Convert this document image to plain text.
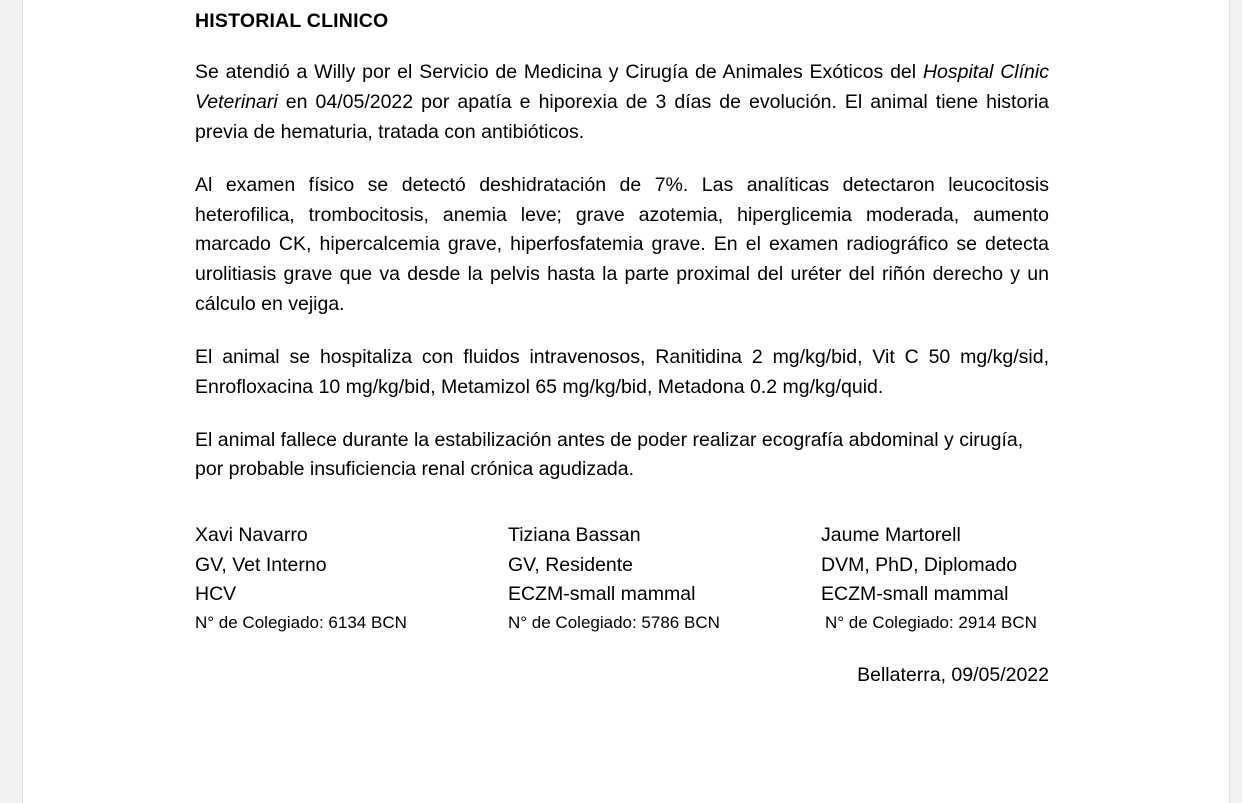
HISTORIAL CLINICO

Se atendió a Willy por el Servicio de Medicina y Cirugía de Animales Exóticos del Hospital Clínic Veterinari en 04/05/2022 por apatía e hiporexia de 3 días de evolución. El animal tiene historia previa de hematuria, tratada con antibióticos.

Al examen físico se detectó deshidratación de 7%. Las analíticas detectaron leucocitosis heterofilica, trombocitosis, anemia leve; grave azotemia, hiperglicemia moderada, aumento marcado CK, hipercalcemia grave, hiperfosfatemia grave. En el examen radiográfico se detecta urolitiasis grave que va desde la pelvis hasta la parte proximal del uréter del riñón derecho y un cálculo en vejiga.

El animal se hospitaliza con fluidos intravenosos, Ranitidina 2 mg/kg/bid, Vit C 50 mg/kg/sid, Enrofloxacina 10 mg/kg/bid, Metamizol 65 mg/kg/bid, Metadona 0.2 mg/kg/quid.

El animal fallece durante la estabilización antes de poder realizar ecografía abdominal y cirugía, por probable insuficiencia renal crónica agudizada.

Xavi Navarro
GV, Vet Interno
HCV
N° de Colegiado: 6134 BCN
Tiziana Bassan
GV, Residente
ECZM-small mammal
N° de Colegiado: 5786 BCN
Jaume Martorell
DVM, PhD, Diplomado
ECZM-small mammal
N° de Colegiado: 2914 BCN
Bellaterra, 09/05/2022
